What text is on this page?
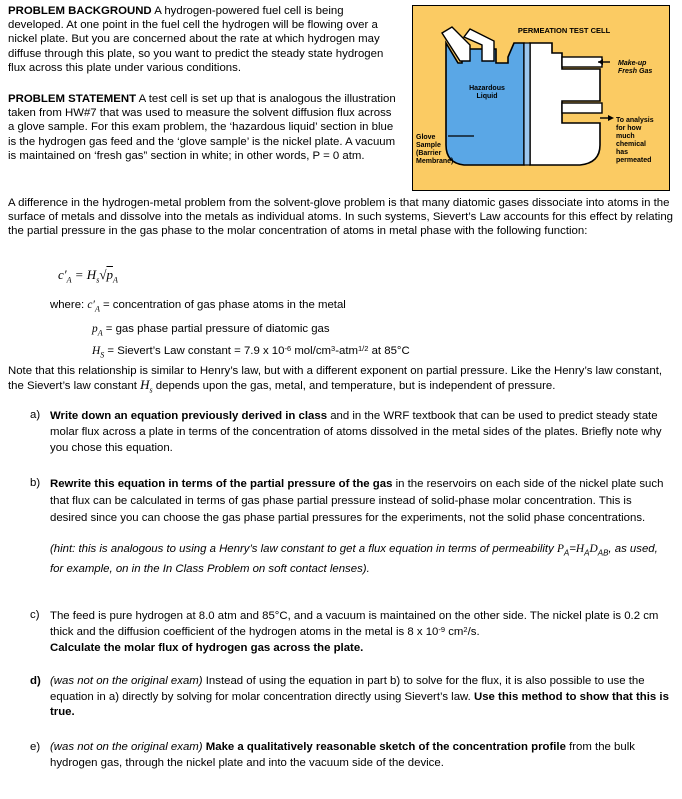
PROBLEM BACKGROUND A hydrogen-powered fuel cell is being developed. At one point in the fuel cell the hydrogen will be flowing over a nickel plate. But you are concerned about the rate at which hydrogen may diffuse through this plate, so you want to predict the steady state hydrogen flux across this plate under various conditions.

PROBLEM STATEMENT A test cell is set up that is analogous the illustration taken from HW#7 that was used to measure the solvent diffusion flux across a glove sample. For this exam problem, the ‘hazardous liquid’ section in blue is the hydrogen gas feed and the ‘glove sample’ is the nickel plate. A vacuum is maintained on ‘fresh gas” section in white; in other words, P = 0 atm.

PERMEATION TEST CELL
Make-up
Fresh Gas
Hazardous
Liquid
To analysis
for how
much
chemical
has
permeated
Glove
Sample
(Barrier
Membrane)

A difference in the hydrogen-metal problem from the solvent-glove problem is that many diatomic gases dissociate into atoms in the surface of metals and dissolve into the metals as individual atoms. In such systems, Sievert’s Law accounts for this effect by relating the partial pressure in the gas phase to the molar concentration of atoms in metal phase with the following function:

$c'_A = H_s√p_A$
where: $c'_A$ = concentration of gas phase atoms in the metal
$p_A$ = gas phase partial pressure of diatomic gas
$H_S$ = Sievert’s Law constant = 7.9 x $10^{-6}$ mol/$cm^3-atm^{1/2}$ at 85°C

Note that this relationship is similar to Henry’s law, but with a different exponent on partial pressure. Like the Henry’s law constant, the Sievert’s law constant $H_s$ depends upon the gas, metal, and temperature, but is independent of pressure.

a) Write down an equation previously derived in class and in the WRF textbook that can be used to predict steady state molar flux across a plate in terms of the concentration of atoms dissolved in the metal sides of the plates. Briefly note why you chose this equation.

b) Rewrite this equation in terms of the partial pressure of the gas in the reservoirs on each side of the nickel plate such that flux can be calculated in terms of gas phase partial pressure instead of solid-phase molar concentration. This is desired since you can choose the gas phase partial pressures for the experiments, not the solid phase concentrations.

(hint: this is analogous to using a Henry’s law constant to get a flux equation in terms of permeability $P_A=H_AD_{AB}$, as used, for example, on in the In Class Problem on soft contact lenses).

c) The feed is pure hydrogen at 8.0 atm and 85°C, and a vacuum is maintained on the other side. The nickel plate is 0.2 cm thick and the diffusion coefficient of the hydrogen atoms in the metal is 8 x $10^{-9}$ $cm^2/s$.
Calculate the molar flux of hydrogen gas across the plate.

d) (was not on the original exam) Instead of using the equation in part b) to solve for the flux, it is also possible to use the equation in a) directly by solving for molar concentration directly using Sievert’s law. Use this method to show that this is true.

e) (was not on the original exam) Make a qualitatively reasonable sketch of the concentration profile from the bulk hydrogen gas, through the nickel plate and into the vacuum side of the device.
